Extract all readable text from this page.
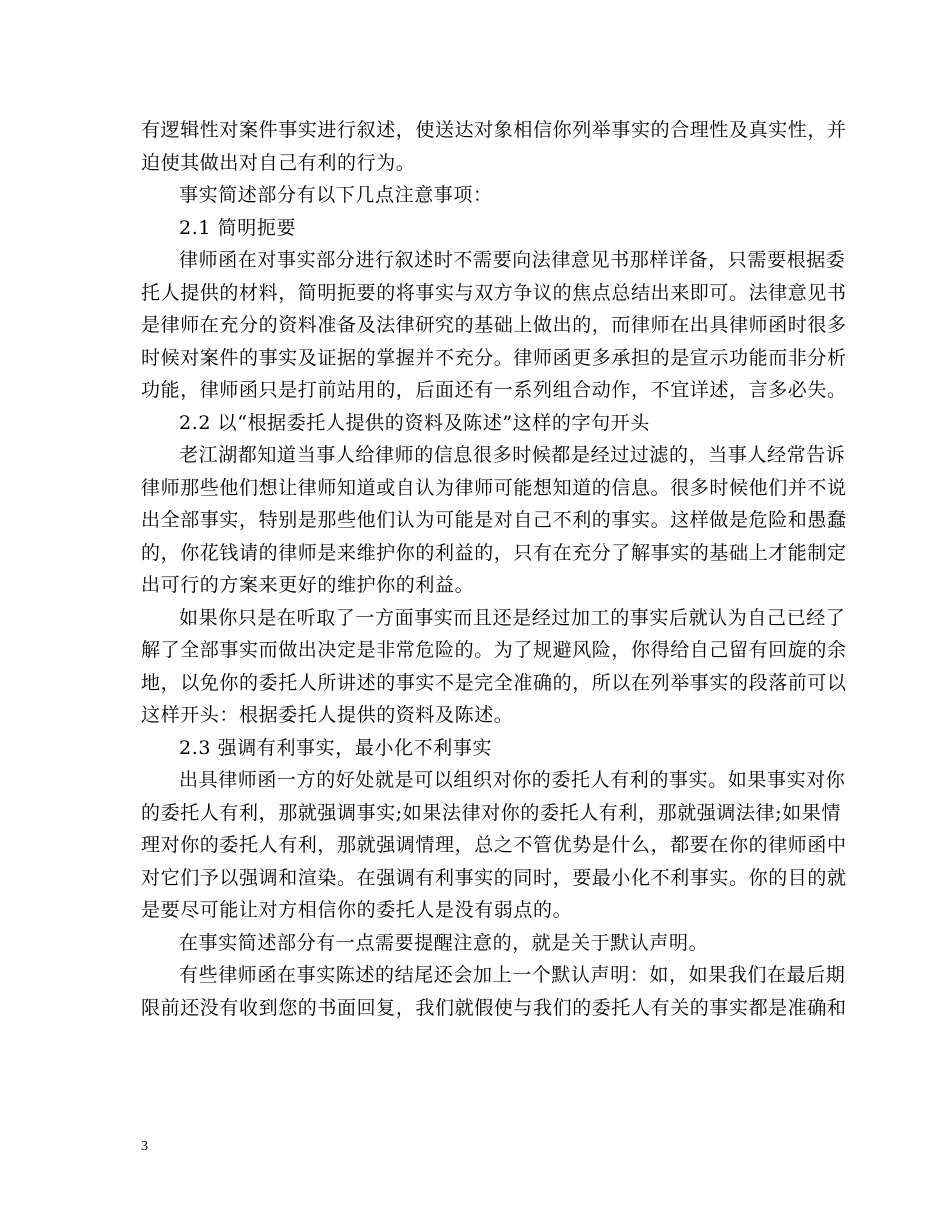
有逻辑性对案件事实进行叙述，使送达对象相信你列举事实的合理性及真实性，并

迫使其做出对自己有利的行为。

事实简述部分有以下几点注意事项：

2.1 简明扼要

律师函在对事实部分进行叙述时不需要向法律意见书那样详备，只需要根据委

托人提供的材料，简明扼要的将事实与双方争议的焦点总结出来即可。法律意见书

是律师在充分的资料准备及法律研究的基础上做出的，而律师在出具律师函时很多

时候对案件的事实及证据的掌握并不充分。律师函更多承担的是宣示功能而非分析

功能，律师函只是打前站用的，后面还有一系列组合动作，不宜详述，言多必失。

2.2 以“根据委托人提供的资料及陈述”这样的字句开头

老江湖都知道当事人给律师的信息很多时候都是经过过滤的，当事人经常告诉

律师那些他们想让律师知道或自认为律师可能想知道的信息。很多时候他们并不说

出全部事实，特别是那些他们认为可能是对自己不利的事实。这样做是危险和愚蠢

的，你花钱请的律师是来维护你的利益的，只有在充分了解事实的基础上才能制定

出可行的方案来更好的维护你的利益。

如果你只是在听取了一方面事实而且还是经过加工的事实后就认为自己已经了

解了全部事实而做出决定是非常危险的。为了规避风险，你得给自己留有回旋的余

地，以免你的委托人所讲述的事实不是完全准确的，所以在列举事实的段落前可以

这样开头：根据委托人提供的资料及陈述。

2.3 强调有利事实，最小化不利事实

出具律师函一方的好处就是可以组织对你的委托人有利的事实。如果事实对你

的委托人有利，那就强调事实;如果法律对你的委托人有利，那就强调法律;如果情

理对你的委托人有利，那就强调情理，总之不管优势是什么，都要在你的律师函中

对它们予以强调和渲染。在强调有利事实的同时，要最小化不利事实。你的目的就

是要尽可能让对方相信你的委托人是没有弱点的。

在事实简述部分有一点需要提醒注意的，就是关于默认声明。

有些律师函在事实陈述的结尾还会加上一个默认声明：如，如果我们在最后期

限前还没有收到您的书面回复，我们就假使与我们的委托人有关的事实都是准确和

3
